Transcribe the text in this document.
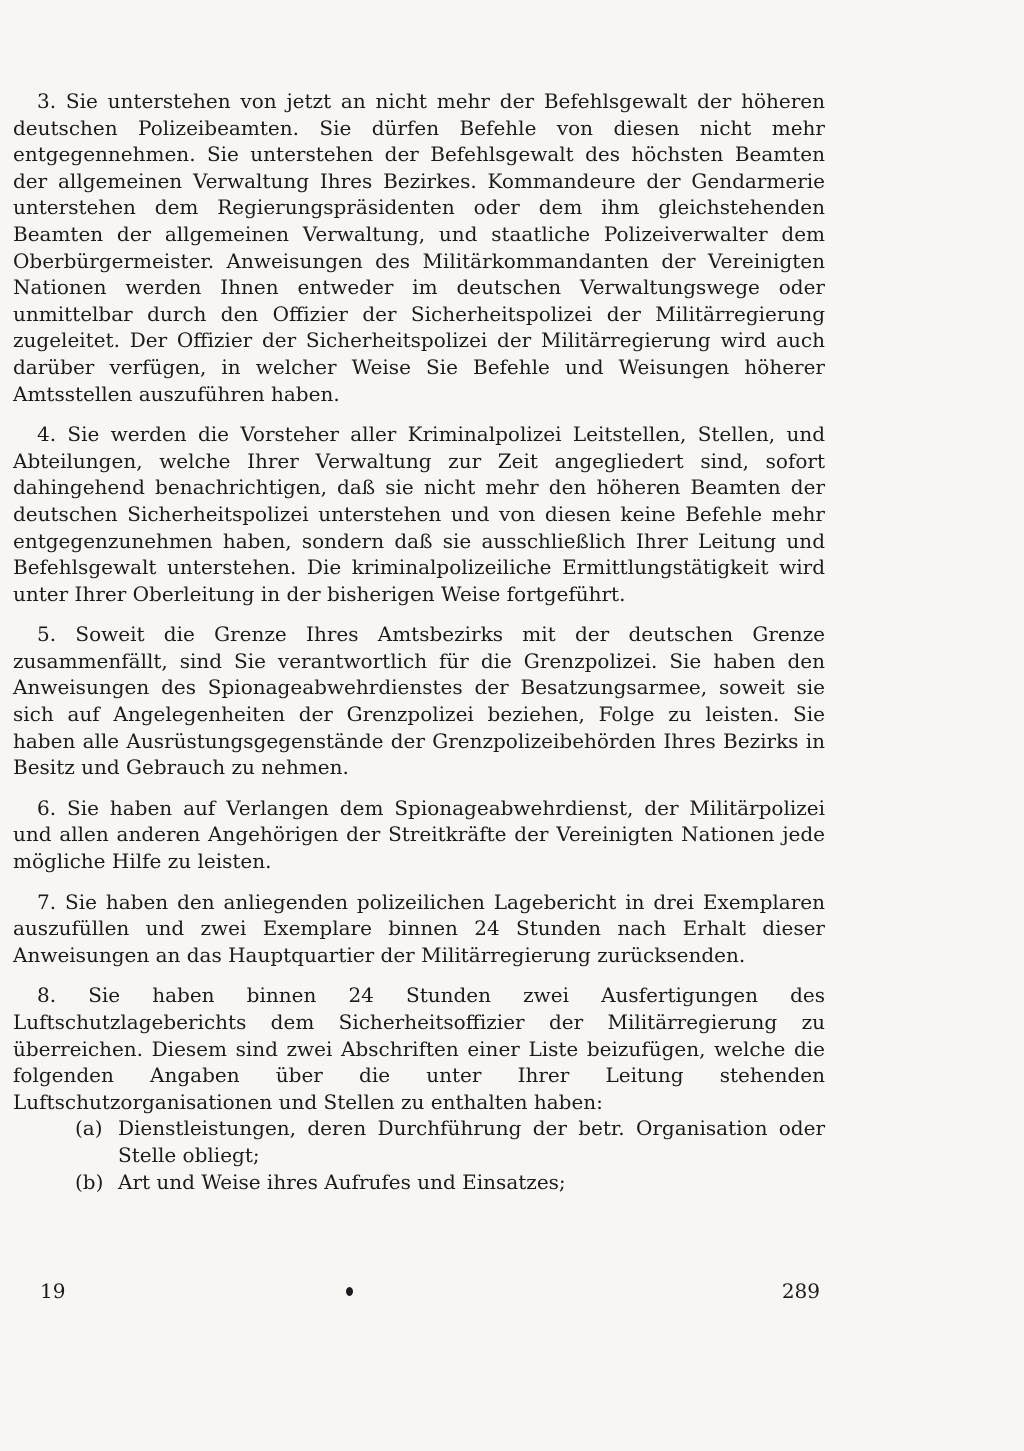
3. Sie unterstehen von jetzt an nicht mehr der Befehlsgewalt der höheren deutschen Polizeibeamten. Sie dürfen Befehle von diesen nicht mehr entgegennehmen. Sie unterstehen der Befehlsgewalt des höchsten Beamten der allgemeinen Verwaltung Ihres Bezirkes. Kommandeure der Gendarmerie unterstehen dem Regierungspräsidenten oder dem ihm gleichstehenden Beamten der allgemeinen Verwaltung, und staatliche Polizeiverwalter dem Oberbürgermeister. Anweisungen des Militärkommandanten der Vereinigten Nationen werden Ihnen entweder im deutschen Verwaltungswege oder unmittelbar durch den Offizier der Sicherheitspolizei der Militärregierung zugeleitet. Der Offizier der Sicherheitspolizei der Militärregierung wird auch darüber verfügen, in welcher Weise Sie Befehle und Weisungen höherer Amtsstellen auszuführen haben.

4. Sie werden die Vorsteher aller Kriminalpolizei Leitstellen, Stellen, und Abteilungen, welche Ihrer Verwaltung zur Zeit angegliedert sind, sofort dahingehend benachrichtigen, daß sie nicht mehr den höheren Beamten der deutschen Sicherheitspolizei unterstehen und von diesen keine Befehle mehr entgegenzunehmen haben, sondern daß sie ausschließlich Ihrer Leitung und Befehlsgewalt unterstehen. Die kriminalpolizeiliche Ermittlungstätigkeit wird unter Ihrer Oberleitung in der bisherigen Weise fortgeführt.

5. Soweit die Grenze Ihres Amtsbezirks mit der deutschen Grenze zusammenfällt, sind Sie verantwortlich für die Grenzpolizei. Sie haben den Anweisungen des Spionageabwehrdienstes der Besatzungsarmee, soweit sie sich auf Angelegenheiten der Grenzpolizei beziehen, Folge zu leisten. Sie haben alle Ausrüstungsgegenstände der Grenzpolizeibehörden Ihres Bezirks in Besitz und Gebrauch zu nehmen.

6. Sie haben auf Verlangen dem Spionageabwehrdienst, der Militärpolizei und allen anderen Angehörigen der Streitkräfte der Vereinigten Nationen jede mögliche Hilfe zu leisten.

7. Sie haben den anliegenden polizeilichen Lagebericht in drei Exemplaren auszufüllen und zwei Exemplare binnen 24 Stunden nach Erhalt dieser Anweisungen an das Hauptquartier der Militärregierung zurücksenden.

8. Sie haben binnen 24 Stunden zwei Ausfertigungen des Luftschutzlageberichts dem Sicherheitsoffizier der Militärregierung zu überreichen. Diesem sind zwei Abschriften einer Liste beizufügen, welche die folgenden Angaben über die unter Ihrer Leitung stehenden Luftschutzorganisationen und Stellen zu enthalten haben:

(a) Dienstleistungen, deren Durchführung der betr. Organisation oder Stelle obliegt;
(b) Art und Weise ihres Aufrufes und Einsatzes;
19	289
